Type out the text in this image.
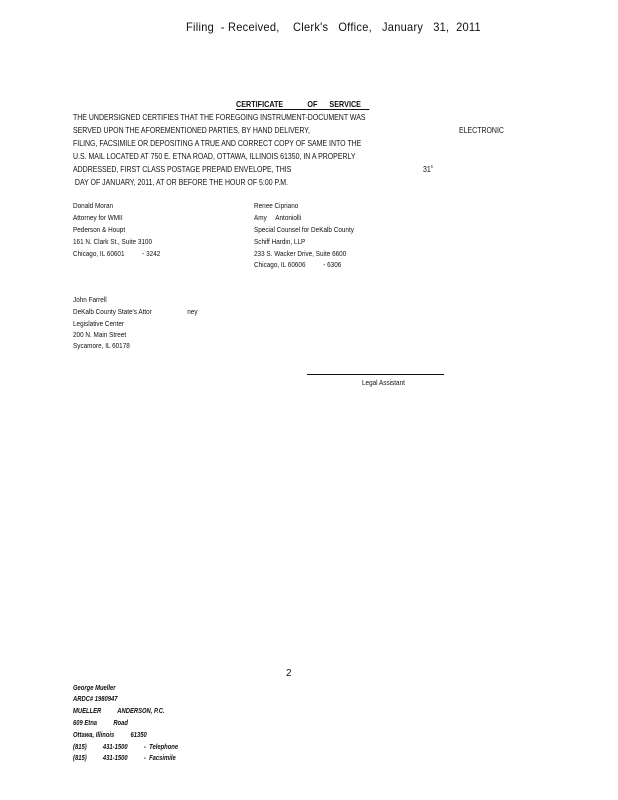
Filing  - Received,    Clerk's   Office,   January   31,  2011
CERTIFICATE	OF SERVICE
THE UNDERSIGNED CERTIFIES THAT THE FOREGOING INSTRUMENT-DOCUMENT WAS
SERVED UPON THE AFOREMENTIONED PARTIES, BY HAND DELIVERY,	ELECTRONIC
FILING, FACSIMILE OR DEPOSITING A TRUE AND CORRECT COPY OF SAME INTO THE
U.S. MAIL LOCATED AT 750 E. ETNA ROAD, OTTAWA, ILLINOIS 61350, IN A PROPERLY
ADDRESSED, FIRST CLASS POSTAGE PREPAID ENVELOPE, THIS	31$^s$
DAY OF JANUARY, 2011, AT OR BEFORE THE HOUR OF 5:00 P.M.
Donald Moran
Attorney for WMII
Pederson & Houpt
161 N. Clark St., Suite 3100
Chicago, IL 60601          - 3242
Renee Cipriano
Amy     Antoniolli
Special Counsel for DeKalb County
Schiff Hardin, LLP
233 S. Wacker Drive, Suite 6600
Chicago, IL 60606          - 6306
John Farrell
DeKalb County State's Attor                    ney
Legislative Center
200 N. Main Street
Sycamore, IL 60178
Legal Assistant
2
George Mueller
ARDC# 1980947
MUELLER          ANDERSON, P.C.
609 Etna          Road
Ottawa, Illinois          61350
(815)          431-1500          -  Telephone
(815)          431-1500          -  Facsimile
